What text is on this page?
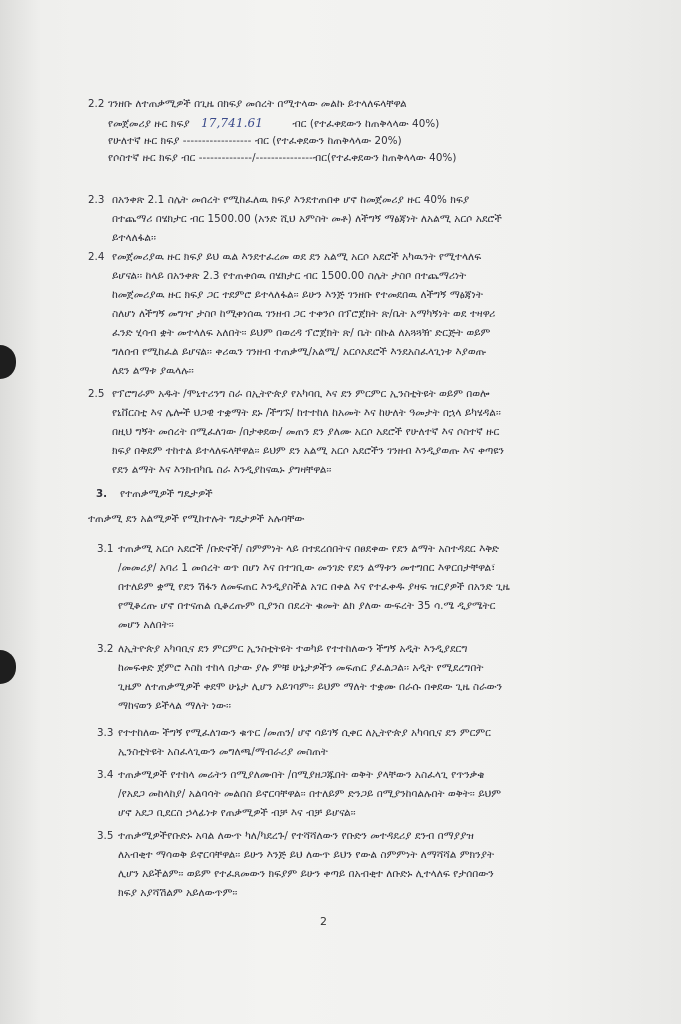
2.2 ገንዘቡ ለተጠቃሚዎች በጊዜ በክፍያ መሰረት በሚተላው መልኩ ይተላለፍላቸዋል
የመጀመሪያ ዙር ክፍያ 17,741.61	ብር (የተፈቀደውን ከጠቅላላው 40%)
የሁለተኛ ዙር ክፍያ ------------------ ብር (የተፈቀደውን ከጠቅላላው 20%)
የሶስተኛ ዙር ክፍያ ብር --------------/---------------ብር(የተፈቀደውን ከጠቅላላው 40%)
2.3 በአንቀጽ 2.1 ስሌት መሰረት የሚከፈለዉ ክፍያ እንደተጠበቀ ሆኖ ከመጀመሪያ ዙር 40% ክፍያ
በተጨማሪ በሄክታር ብር 1500.00 (አንድ ሺህ አምስት መቶ) ለችግኝ ማፅጃነት ለአልሚ አርሶ አደሮች
ይተላለፋል፡፡
2.4 የመጀመሪያዉ ዙር ክፍያ ይህ ዉል እንደተፈረመ ወደ ደን አልሚ አርሶ አደሮች አካዉንት የሚተላለፍ
ይሆናል፡፡ ከላይ በአንቀጽ 2.3 የተጠቀሰዉ በሄክታር ብር 1500.00 ስሌት ታስቦ በተጨማሪነት
ከመጀመሪያዉ ዙር ክፍያ ጋር ተደምሮ ይተላለፋል፡፡ ይሁን እንጅ ገንዘቡ የተመደበዉ ለችግኝ ማፅጃነት
ስለሆነ ለችግኝ መግዣ ታስቦ ከሚቀነሰዉ ገንዘብ ጋር ተቀንሶ በፕሮጀክት ጽ/ቤት አማካኝነት ወደ ተዛዋሪ
ፈንድ ሂሳብ ቋት መተላለፍ አለበት፡፡ ይህም በወረዳ ፕሮጀክት ጽ/ ቤት በኩል ለአጓጓዥ ድርጅት ወይም
ግለሰብ የሚከፈል ይሆናል፡፡ ቀሪዉን ገንዘብ ተጠቃሚ/አልሚ/ አርሶአደሮች እንደአስፈላጊነቱ እያወጡ
ለደን ልማቱ ያዉላሉ፡፡
2.5 የፕሮግራም አዱት /ሞኒተሪንግ ስራ በኢትዮጵያ የአካባቢ እና ደን ምርምር ኢንስቲትዩት ወይም በወሎ
የኒቨርስቲ እና ሌሎች ህጋዊ ተቋማት ደኑ /ችግኙ/ ከተተከለ ከአመት እና ከሁለት ዓመታት በኋላ ይካሄዳል፡፡
በዚህ ግኝት መሰረት በሚፈለገው /በታቀደው/ መጠን ደን ያለሙ አርሶ አደሮች የሁለተኛ እና ሶስተኛ ዙር
ክፍያ በቅደም ተከተል ይተላለፍላቸዋል፡፡ ይህም ደን አልሚ አርሶ አደሮችን ገንዘብ እንዲያወጡ እና ቀጣዩን
የደን ልማት እና እንክብካቤ ስራ እንዲያከናዉኑ ያግዛቸዋል፡፡
3. የተጠቃሚዎች ግዴታዎች
ተጠቃሚ ደን አልሚዎች የሚከተሉት ግዴታዎች አሉባቸው
3.1 ተጠቃሚ አርሶ አደሮች /ቡድኖች/ ስምምነት ላይ በተደረሰበትና በፀደቀው የደን ልማት አስተዳደር እቅድ
/መመሪያ/ አባሪ 1 መሰረት ወጥ በሆነ እና በተገቢው መንገድ የደን ልማቱን መተግበር እዋርበታቸዋል፣
በተለይም ቋሚ የደን ሽፋን ለመፍጠር እንዲያስችል አገር በቀል እና የተፈቀዱ ያዛፍ ዝርያዎች በአንድ ጊዜ
የሚቆረጡ ሆኖ በተናጠል ሲቆረጡም ቢያንስ በደረት ቁመት ልክ ያለው ውፍረት 35 ሳ.ሜ ዲያሜትር
መሆን አለበት፡፡
3.2 ለኢትዮጵያ አካባቢና ደን ምርምር ኢንስቲትዩት ተወካይ የተተከለውን ችግኝ አዲት እንዲያደርግ
ከመፍቀድ ጀምሮ እስከ ተከላ በታው ያሉ ምቹ ሁኔታዎችን መፍጠር ያፈልጋል፡፡ አዲት የሚደረግበት
ጊዜም ለተጠቃሚዎች ቀደሞ ሁኔታ ሊሆን አይገባም፡፡ ይህም ማለት ተቋሙ በራሱ በቀደው ጊዜ ስራውን
ማከናወን ይችላል ማለት ነው፡፡
3.3 የተተከለው ችግኝ የሚፈለገውን ቁጥር /መጠን/ ሆኖ ሳይገኝ ሲቀር ለኢትዮጵያ አካባቢና ደን ምርምር
ኢንስቲትዩት አስፈላጊውን መግለጫ/ማብራሪያ መስጠት
3.4 ተጠቃሚዎች የተከላ መሬትን በሚያለሙበት /በሚያዘጋጁበት ወቅት ያላቸውን አስፈላጊ የጥንቃቄ
/የአደጋ መከላከያ/ አልባሳት መልበስ ይኖርባቸዋል፡፡ በተለይም ድንጋይ በሚያንከባልሉበት ወቅት፡፡ ይህም
ሆኖ አደጋ ቢደርስ ኃላፊነቱ የጠቃሚዎች ብቻ እና ብቻ ይሆናል፡፡
3.5 ተጠቃሚዎችየቡድኑ አባል ለውጥ ካለ/ካደረጉ/ የተሻሻለውን የቡድን መተዳደሪያ ደንብ በማያያዝ
ለአብቂተ ማሳወቅ ይኖርባቸዋል፡፡ ይሁን እንጅ ይህ ለውጥ ይህን የውል ስምምነት ለማሻሻል ምክንያት
ሊሆን አይችልም፡፡ ወይም የተፈጸመውን ክፍያም ይሁን ቀጣይ በአብቂተ ለቡድኑ ሊተላለፍ የታሰበውን
ክፍያ አያሻሽልም አይለውጥም፡፡
2
